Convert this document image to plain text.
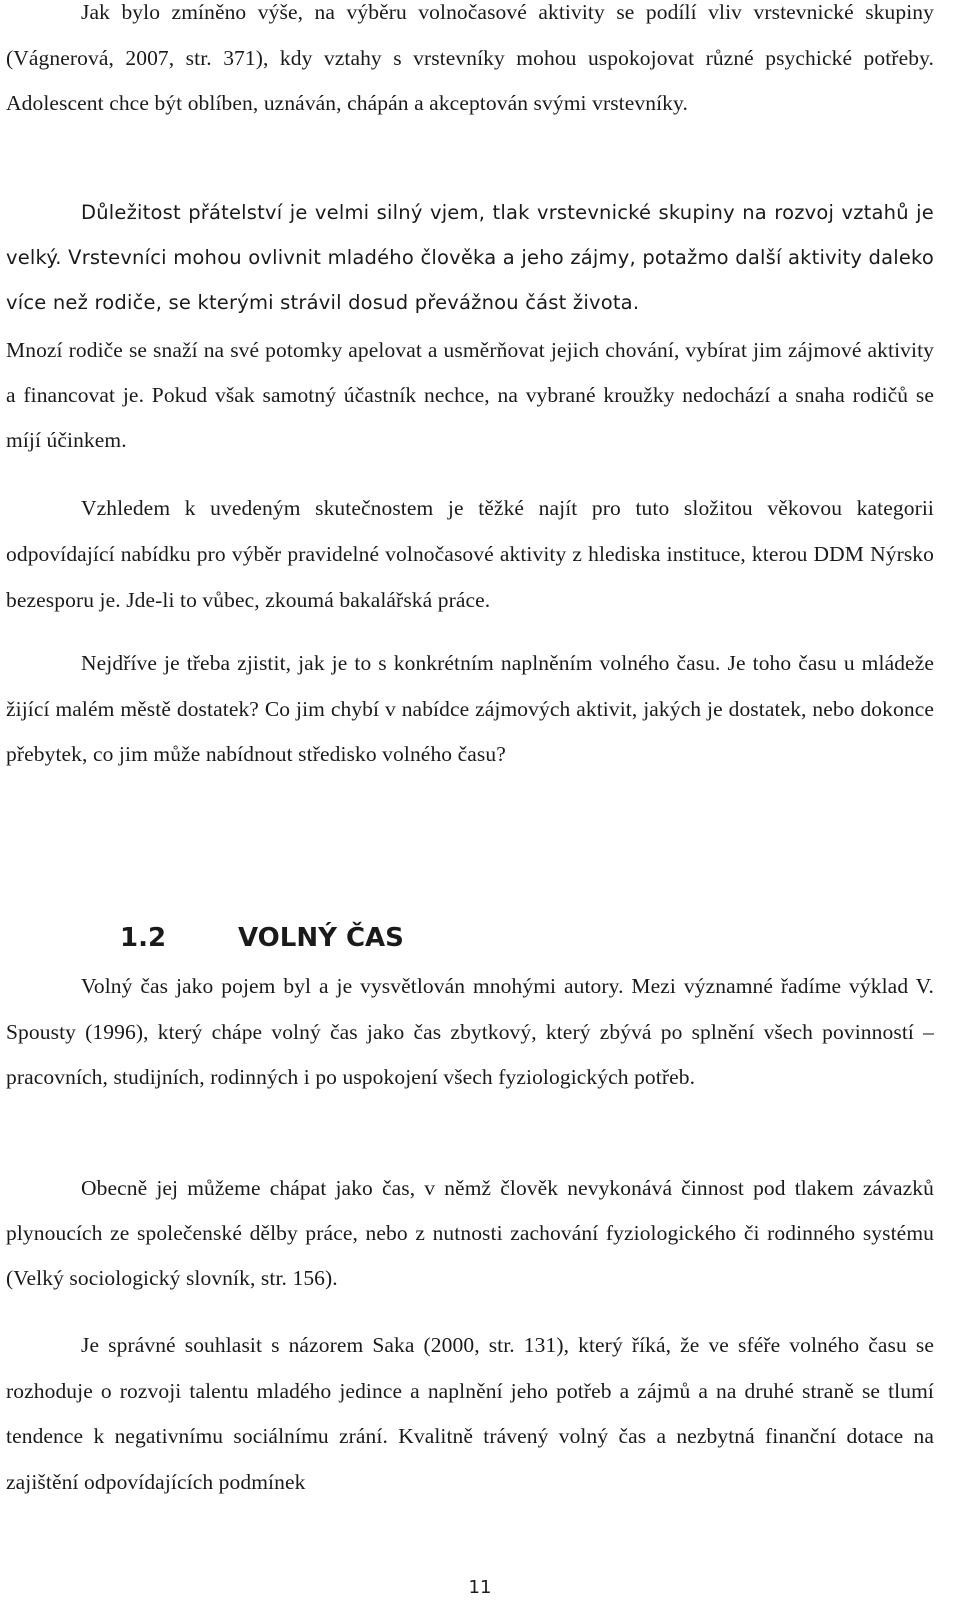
Jak bylo zmíněno výše, na výběru volnočasové aktivity se podílí vliv vrstevnické skupiny (Vágnerová, 2007, str. 371), kdy vztahy s vrstevníky mohou uspokojovat různé psychické potřeby. Adolescent chce být oblíben, uznáván, chápán a akceptován svými vrstevníky.

Důležitost přátelství je velmi silný vjem, tlak vrstevnické skupiny na rozvoj vztahů je velký. Vrstevníci mohou ovlivnit mladého člověka a jeho zájmy, potažmo další aktivity daleko více než rodiče, se kterými strávil dosud převážnou část života.

Mnozí rodiče se snaží na své potomky apelovat a usměrňovat jejich chování, vybírat jim zájmové aktivity a financovat je. Pokud však samotný účastník nechce, na vybrané kroužky nedochází a snaha rodičů se míjí účinkem.

Vzhledem k uvedeným skutečnostem je těžké najít pro tuto složitou věkovou kategorii odpovídající nabídku pro výběr pravidelné volnočasové aktivity z hlediska instituce, kterou DDM Nýrsko bezesporu je. Jde-li to vůbec, zkoumá bakalářská práce.

Nejdříve je třeba zjistit, jak je to s konkrétním naplněním volného času. Je toho času u mládeže žijící malém městě dostatek? Co jim chybí v nabídce zájmových aktivit, jakých je dostatek, nebo dokonce přebytek, co jim může nabídnout středisko volného času?

1.2	VOLNÝ ČAS

Volný čas jako pojem byl a je vysvětlován mnohými autory. Mezi významné řadíme výklad V. Spousty (1996), který chápe volný čas jako čas zbytkový, který zbývá po splnění všech povinností – pracovních, studijních, rodinných i po uspokojení všech fyziologických potřeb.

Obecně jej můžeme chápat jako čas, v němž člověk nevykonává činnost pod tlakem závazků plynoucích ze společenské dělby práce, nebo z nutnosti zachování fyziologického či rodinného systému (Velký sociologický slovník, str. 156).

Je správné souhlasit s názorem Saka (2000, str. 131), který říká, že ve sféře volného času se rozhoduje o rozvoji talentu mladého jedince a naplnění jeho potřeb a zájmů a na druhé straně se tlumí tendence k negativnímu sociálnímu zrání. Kvalitně trávený volný čas a nezbytná finanční dotace na zajištění odpovídajících podmínek

11
